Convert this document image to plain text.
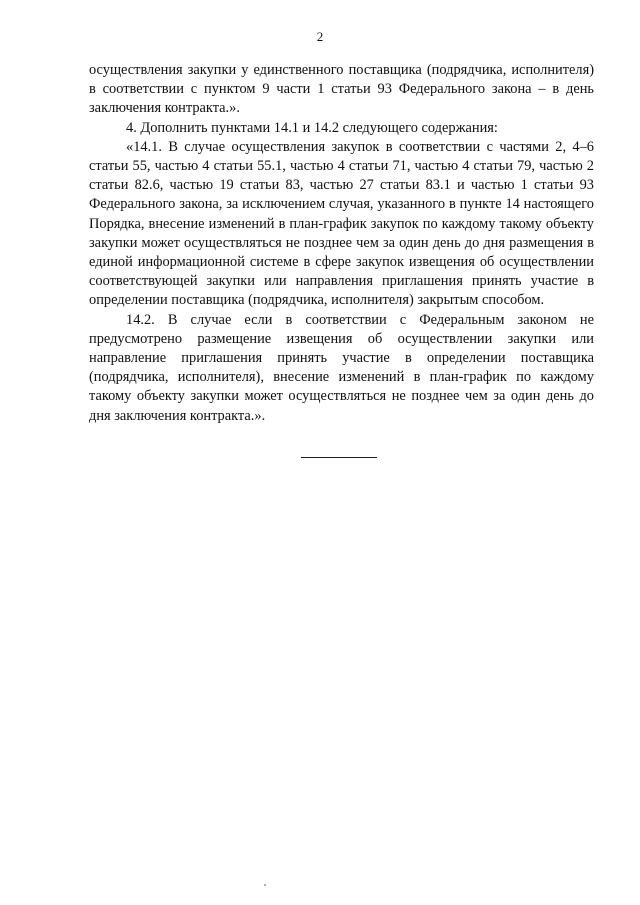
2

осуществления закупки у единственного поставщика (подрядчика, исполнителя) в соответствии с пунктом 9 части 1 статьи 93 Федерального закона – в день заключения контракта.».

4. Дополнить пунктами 14.1 и 14.2 следующего содержания:

«14.1. В случае осуществления закупок в соответствии с частями 2, 4–6 статьи 55, частью 4 статьи 55.1, частью 4 статьи 71, частью 4 статьи 79, частью 2 статьи 82.6, частью 19 статьи 83, частью 27 статьи 83.1 и частью 1 статьи 93 Федерального закона, за исключением случая, указанного в пункте 14 настоящего Порядка, внесение изменений в план-график закупок по каждому такому объекту закупки может осуществляться не позднее чем за один день до дня размещения в единой информационной системе в сфере закупок извещения об осуществлении соответствующей закупки или направления приглашения принять участие в определении поставщика (подрядчика, исполнителя) закрытым способом.

14.2. В случае если в соответствии с Федеральным законом не предусмотрено размещение извещения об осуществлении закупки или направление приглашения принять участие в определении поставщика (подрядчика, исполнителя), внесение изменений в план-график по каждому такому объекту закупки может осуществляться не позднее чем за один день до дня заключения контракта.».
